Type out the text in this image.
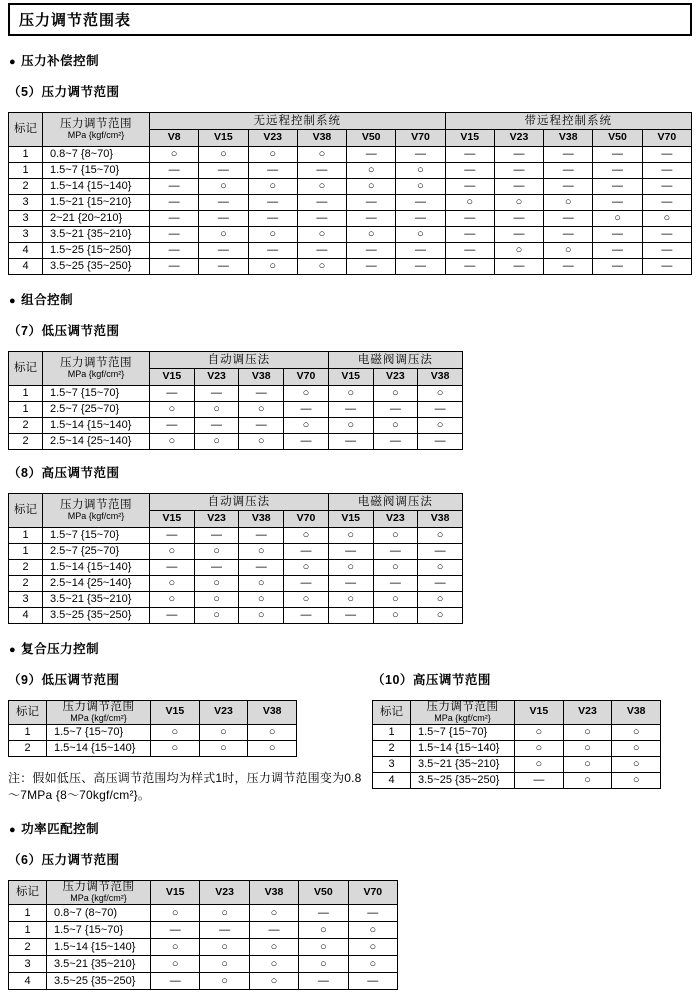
压力调节范围表
● 压力补偿控制
（5）压力调节范围
标记	压力调节范围
MPa {kgf/cm²}	无远程控制系统						带远程控制系统				
		V8	V15	V23	V38	V50	V70	V15	V23	V38	V50	V70
1	0.8~7 {8~70}	○	○	○	○	—	—	—	—	—	—	—
1	1.5~7 {15~70}	—	—	—	—	○	○	—	—	—	—	—
2	1.5~14 {15~140}	—	○	○	○	○	○	—	—	—	—	—
3	1.5~21 {15~210}	—	—	—	—	—	—	○	○	○	—	—
3	2~21 {20~210}	—	—	—	—	—	—	—	—	—	○	○
3	3.5~21 {35~210}	—	○	○	○	○	○	—	—	—	—	—
4	1.5~25 {15~250}	—	—	—	—	—	—	—	○	○	—	—
4	3.5~25 {35~250}	—	—	○	○	—	—	—	—	—	—	—
● 组合控制
（7）低压调节范围
标记	压力调节范围
MPa {kgf/cm²}	自动调压法				电磁阀调压法		
		V15	V23	V38	V70	V15	V23	V38
1	1.5~7 {15~70}	—	—	—	○	○	○	○
1	2.5~7 {25~70}	○	○	○	—	—	—	—
2	1.5~14 {15~140}	—	—	—	○	○	○	○
2	2.5~14 {25~140}	○	○	○	—	—	—	—
（8）高压调节范围
标记	压力调节范围
MPa {kgf/cm²}	自动调压法				电磁阀调压法		
		V15	V23	V38	V70	V15	V23	V38
1	1.5~7 {15~70}	—	—	—	○	○	○	○
1	2.5~7 {25~70}	○	○	○	—	—	—	—
2	1.5~14 {15~140}	—	—	—	○	○	○	○
2	2.5~14 {25~140}	○	○	○	—	—	—	—
3	3.5~21 {35~210}	○	○	○	○	○	○	○
4	3.5~25 {35~250}	—	○	○	—	—	○	○
● 复合压力控制
（9）低压调节范围
标记	压力调节范围
MPa {kgf/cm²}	V15	V23	V38
1	1.5~7 {15~70}	○	○	○
2	1.5~14 {15~140}	○	○	○
注：假如低压、高压调节范围均为样式1时，压力调节范围变为0.8～7MPa {8～70kgf/cm²}。
（10）高压调节范围
标记	压力调节范围
MPa {kgf/cm²}	V15	V23	V38
1	1.5~7 {15~70}	○	○	○
2	1.5~14 {15~140}	○	○	○
3	3.5~21 {35~210}	○	○	○
4	3.5~25 {35~250}	—	○	○
● 功率匹配控制
（6）压力调节范围
标记	压力调节范围
MPa {kgf/cm²}	V15	V23	V38	V50	V70
1	0.8~7 (8~70)	○	○	○	—	—
1	1.5~7 {15~70}	—	—	—	○	○
2	1.5~14 {15~140}	○	○	○	○	○
3	3.5~21 {35~210}	○	○	○	○	○
4	3.5~25 {35~250}	—	○	○	—	—
